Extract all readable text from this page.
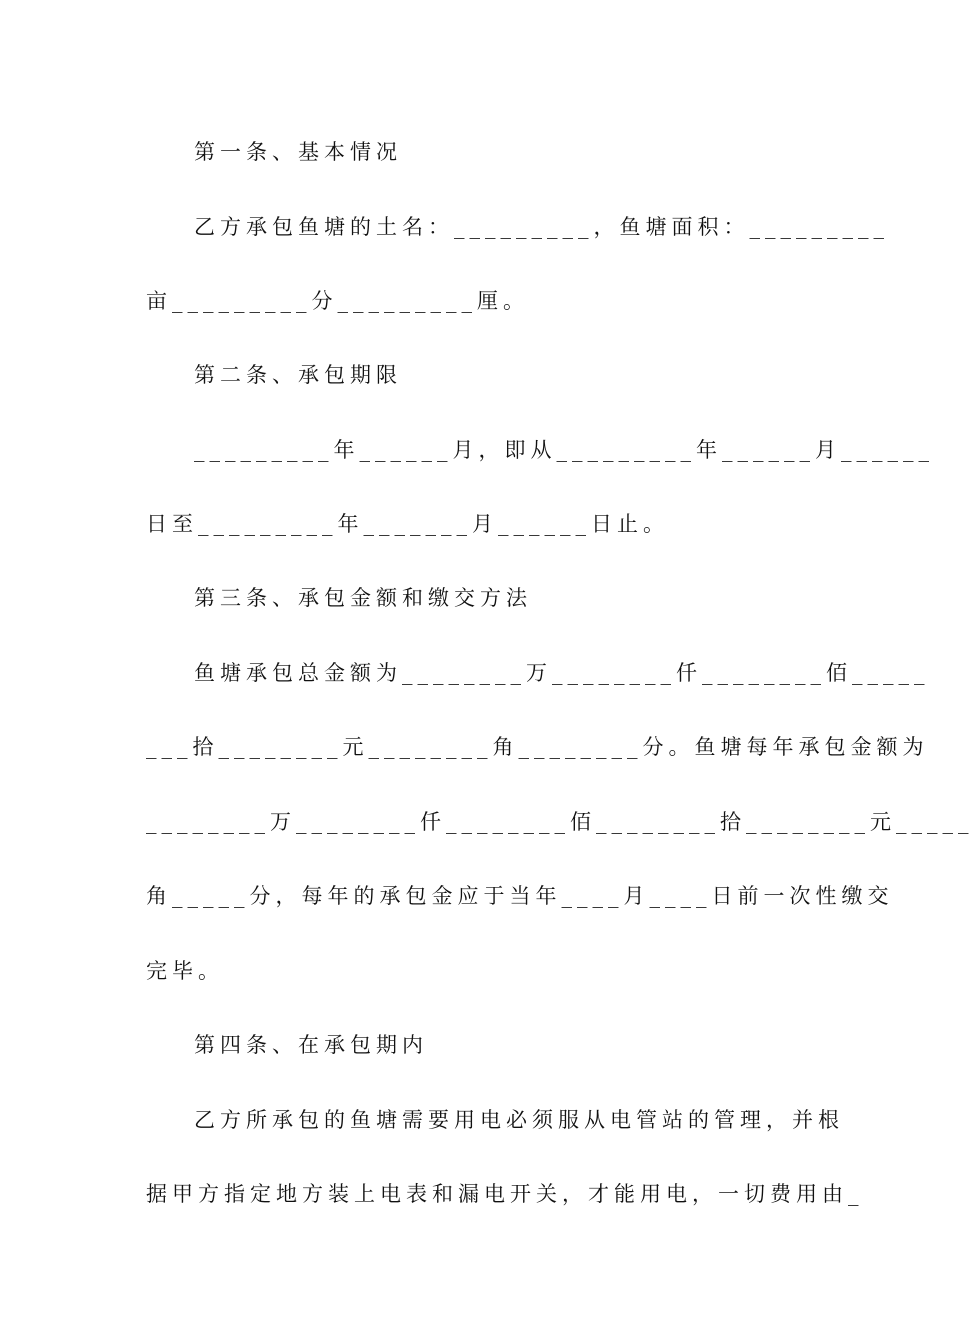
第一条、基本情况
乙方承包鱼塘的土名：_________，鱼塘面积：_________
亩_________分_________厘。
第二条、承包期限
_________年______月，即从_________年______月______
日至_________年_______月______日止。
第三条、承包金额和缴交方法
鱼塘承包总金额为________万________仟________佰_____
___拾________元________角________分。鱼塘每年承包金额为
________万________仟________佰________拾________元_____
角_____分，每年的承包金应于当年____月____日前一次性缴交
完毕。
第四条、在承包期内
乙方所承包的鱼塘需要用电必须服从电管站的管理，并根
据甲方指定地方装上电表和漏电开关，才能用电，一切费用由_
